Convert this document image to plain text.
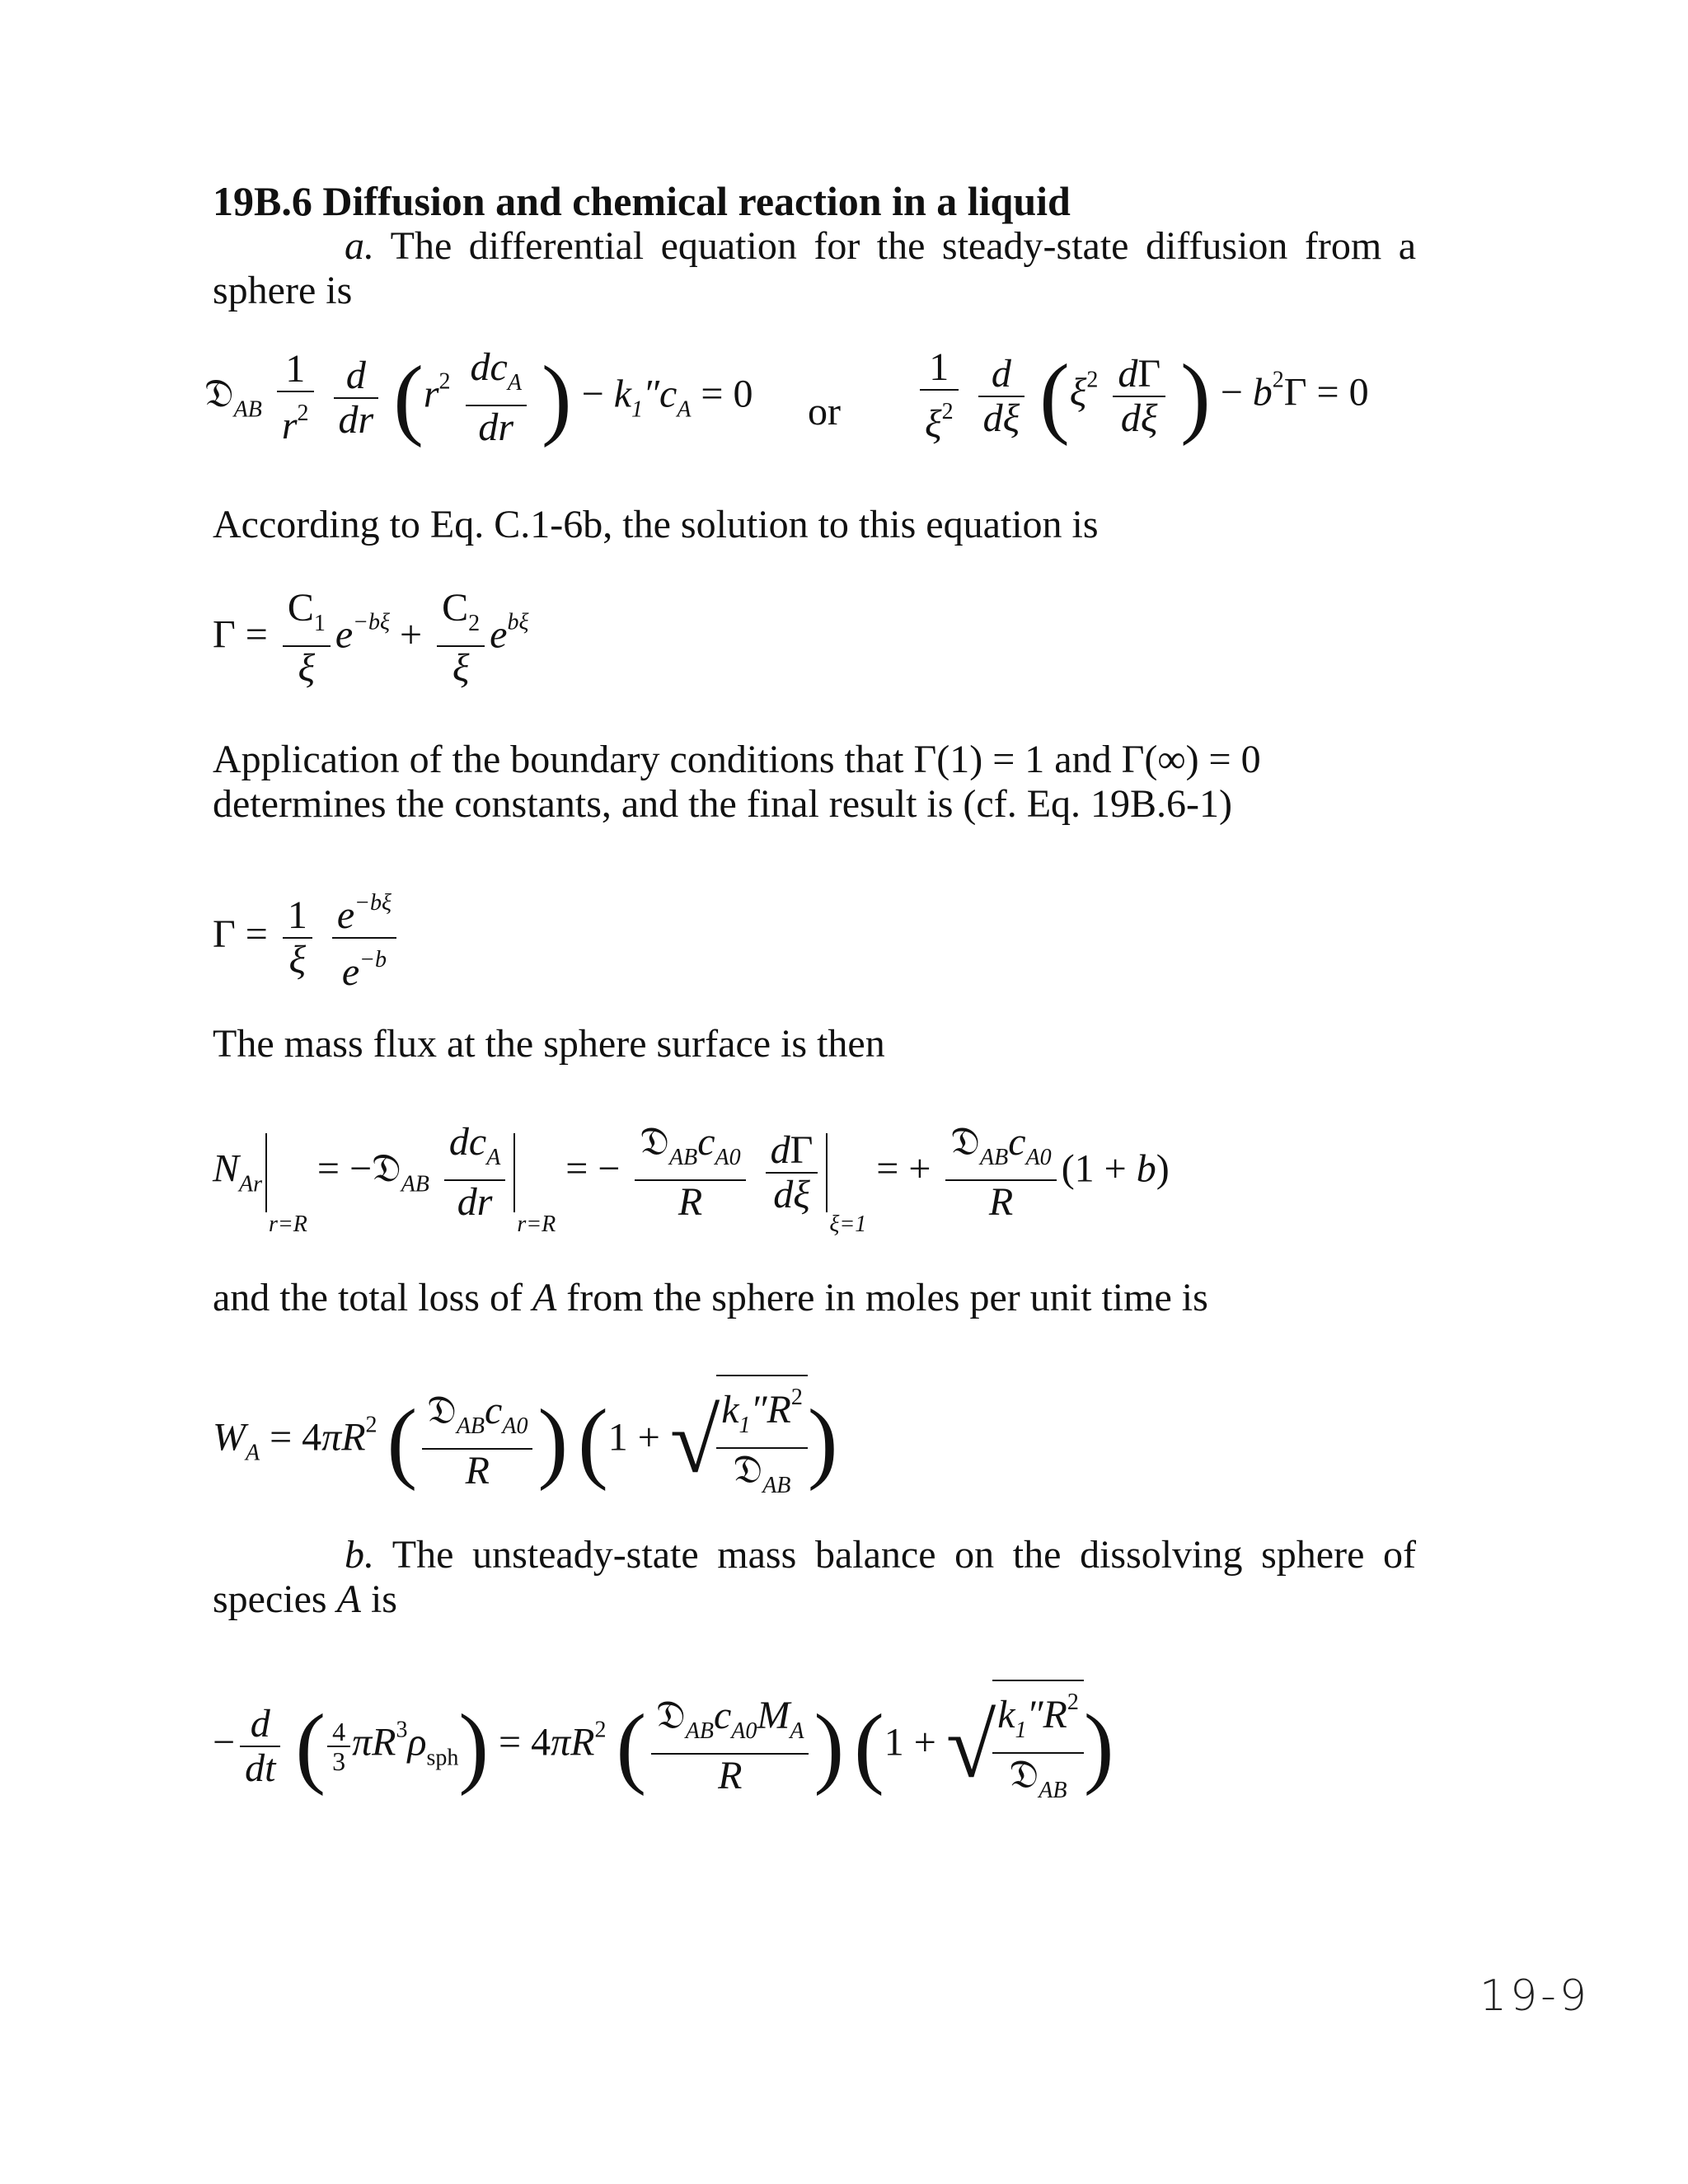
19B.6 Diffusion and chemical reaction in a liquid
a. The differential equation for the steady-state diffusion from a sphere is
𝔇$_{AB}$ $\frac{1}{r^2}$
$\frac{d}{dr} (r^2 \frac{dc_A}{dr}$ ) − $k_1''c_A = 0$ or $\frac{1}{\xi^2}$
$\frac{d}{d\xi} (\xi^2 \frac{d\Gamma}{d\xi}$ ) − $b^2\Gamma = 0$
According to Eq. C.1-6b, the solution to this equation is
$\Gamma = \frac{C_1}{\xi} e^{-b\xi} + \frac{C_2}{\xi} e^{b\xi}$
Application of the boundary conditions that Γ(1) = 1 and Γ(∞) = 0 determines the constants, and the final result is (cf. Eq. 19B.6-1)
$\Gamma = \frac{1}{\xi}$
$\frac{e^{-b\xi}}{e^{-b}}$
The mass flux at the sphere surface is then
$N_{Ar}r=R$ = −𝔇$_{AB}$ $\frac{dc_A}{dr}$
r=R = − $\frac{𝔇_{AB}c_{A0}}{R}$
$\frac{d\Gamma}{d\xi}$
ξ=1 = + $\frac{𝔇_{AB}c_{A0}}{R} (1 + b)$
and the total loss of A from the sphere in moles per unit time is
$W_A = 4\pi R^2$ ( $\frac{𝔇_{AB}c_{A0}}{R}$ ) (1 + √
$\frac{k_1''R^2}{𝔇_{AB}}$ )
b. The unsteady-state mass balance on the dissolving sphere of species A is
− $\frac{d}{dt}$ ( $\frac{4}{3} \pi R^3\rho_{sph}) = 4\pi R^2$ ( $\frac{𝔇_{AB}c_{A0}M_A}{R}$ ) (1 + √
$\frac{k_1''R^2}{𝔇_{AB}}$ )
19-9
